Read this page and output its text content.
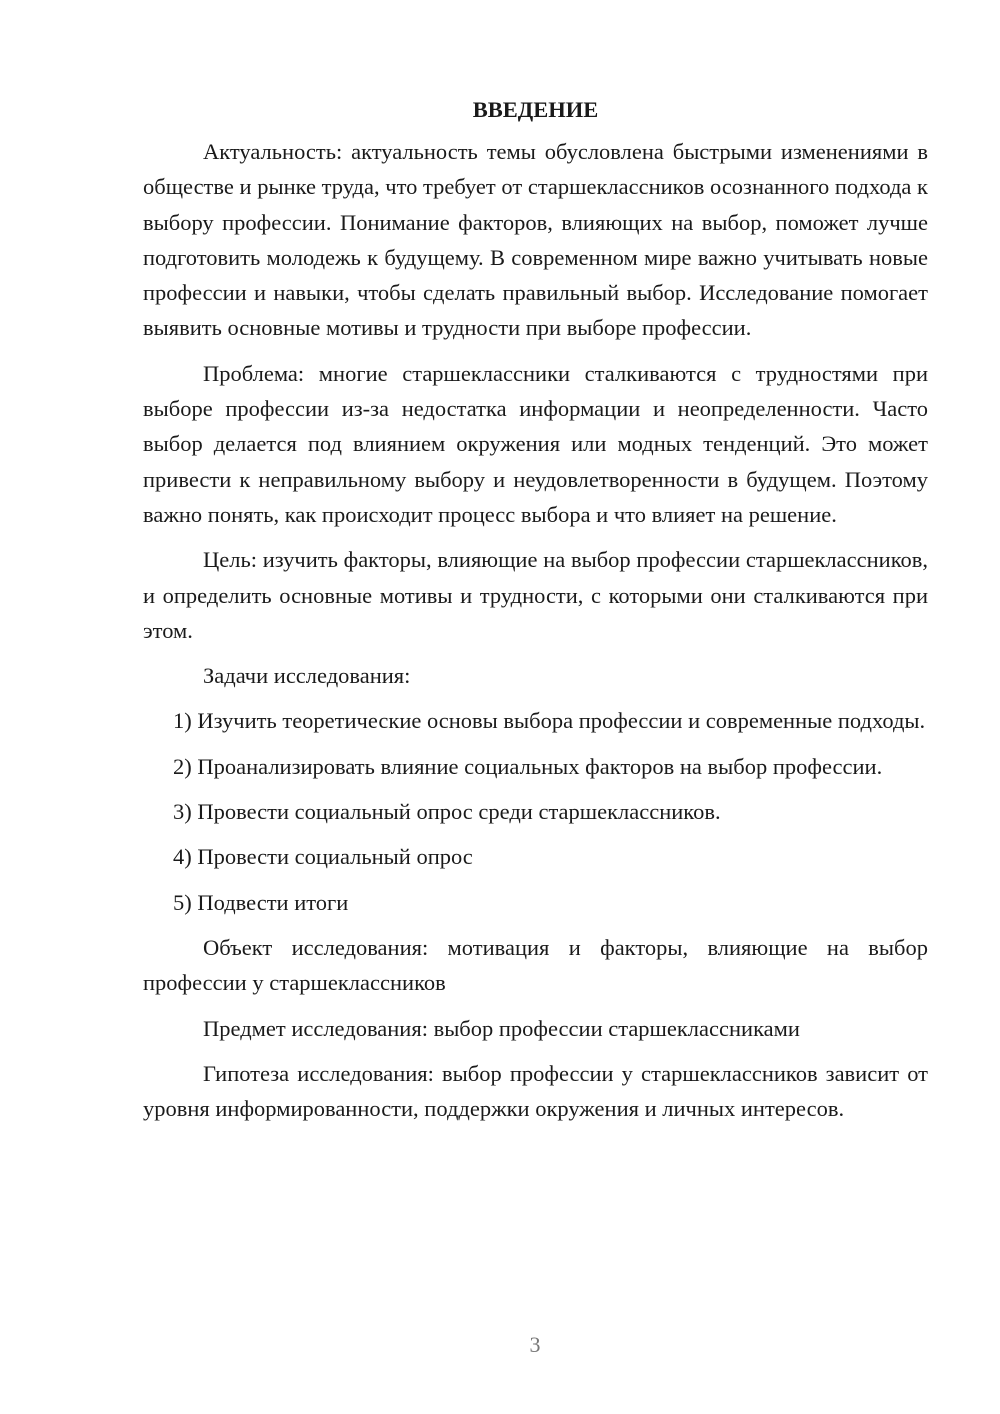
ВВЕДЕНИЕ

Актуальность: актуальность темы обусловлена быстрыми изменениями в обществе и рынке труда, что требует от старшеклассников осознанного подхода к выбору профессии. Понимание факторов, влияющих на выбор, поможет лучше подготовить молодежь к будущему. В современном мире важно учитывать новые профессии и навыки, чтобы сделать правильный выбор. Исследование помогает выявить основные мотивы и трудности при выборе профессии.

Проблема: многие старшеклассники сталкиваются с трудностями при выборе профессии из-за недостатка информации и неопределенности. Часто выбор делается под влиянием окружения или модных тенденций. Это может привести к неправильному выбору и неудовлетворенности в будущем. Поэтому важно понять, как происходит процесс выбора и что влияет на решение.

Цель: изучить факторы, влияющие на выбор профессии старшеклассников, и определить основные мотивы и трудности, с которыми они сталкиваются при этом.

Задачи исследования:

1) Изучить теоретические основы выбора профессии и современные подходы.

2) Проанализировать влияние социальных факторов на выбор профессии.

3) Провести социальный опрос среди старшеклассников.

4) Провести социальный опрос

5) Подвести итоги

Объект исследования: мотивация и факторы, влияющие на выбор профессии у старшеклассников

Предмет исследования: выбор профессии старшеклассниками

Гипотеза исследования: выбор профессии у старшеклассников зависит от уровня информированности, поддержки окружения и личных интересов.

3
